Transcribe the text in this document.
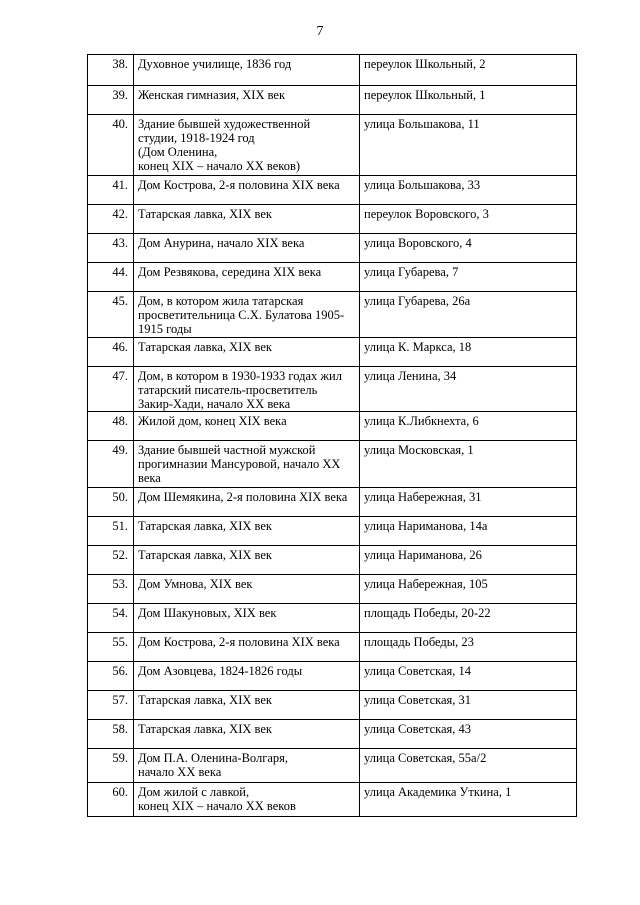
7
38.	Духовное училище, 1836 год	переулок Школьный, 2
39.	Женская гимназия, XIX век	переулок Школьный, 1
40.	Здание бывшей художественной
студии, 1918-1924 год
(Дом Оленина,
конец XIX – начало XX веков)	улица Большакова, 11
41.	Дом Кострова, 2-я половина XIX века	улица Большакова, 33
42.	Татарская лавка, XIX век	переулок Воровского, 3
43.	Дом Анурина, начало XIX века	улица Воровского, 4
44.	Дом Резвякова, середина XIX века	улица Губарева, 7
45.	Дом, в котором жила татарская
просветительница С.Х. Булатова 1905-
1915 годы	улица Губарева, 26а
46.	Татарская лавка, XIX век	улица К. Маркса, 18
47.	Дом, в котором в 1930-1933 годах жил
татарский писатель-просветитель
Закир-Хади, начало XX века	улица Ленина, 34
48.	Жилой дом, конец XIX века	улица К.Либкнехта, 6
49.	Здание бывшей частной мужской
прогимназии Мансуровой, начало XX
века	улица Московская, 1
50.	Дом Шемякина, 2-я половина XIX века	улица Набережная, 31
51.	Татарская лавка, XIX век	улица Нариманова, 14а
52.	Татарская лавка, XIX век	улица Нариманова, 26
53.	Дом Умнова, XIX век	улица Набережная, 105
54.	Дом Шакуновых, XIX век	площадь Победы, 20-22
55.	Дом Кострова, 2-я половина XIX века	площадь Победы, 23
56.	Дом Азовцева, 1824-1826 годы	улица Советская, 14
57.	Татарская лавка, XIX век	улица Советская, 31
58.	Татарская лавка, XIX век	улица Советская, 43
59.	Дом П.А. Оленина-Волгаря,
начало XX века	улица Советская, 55а/2
60.	Дом жилой с лавкой,
конец XIX – начало XX веков	улица Академика Уткина, 1
